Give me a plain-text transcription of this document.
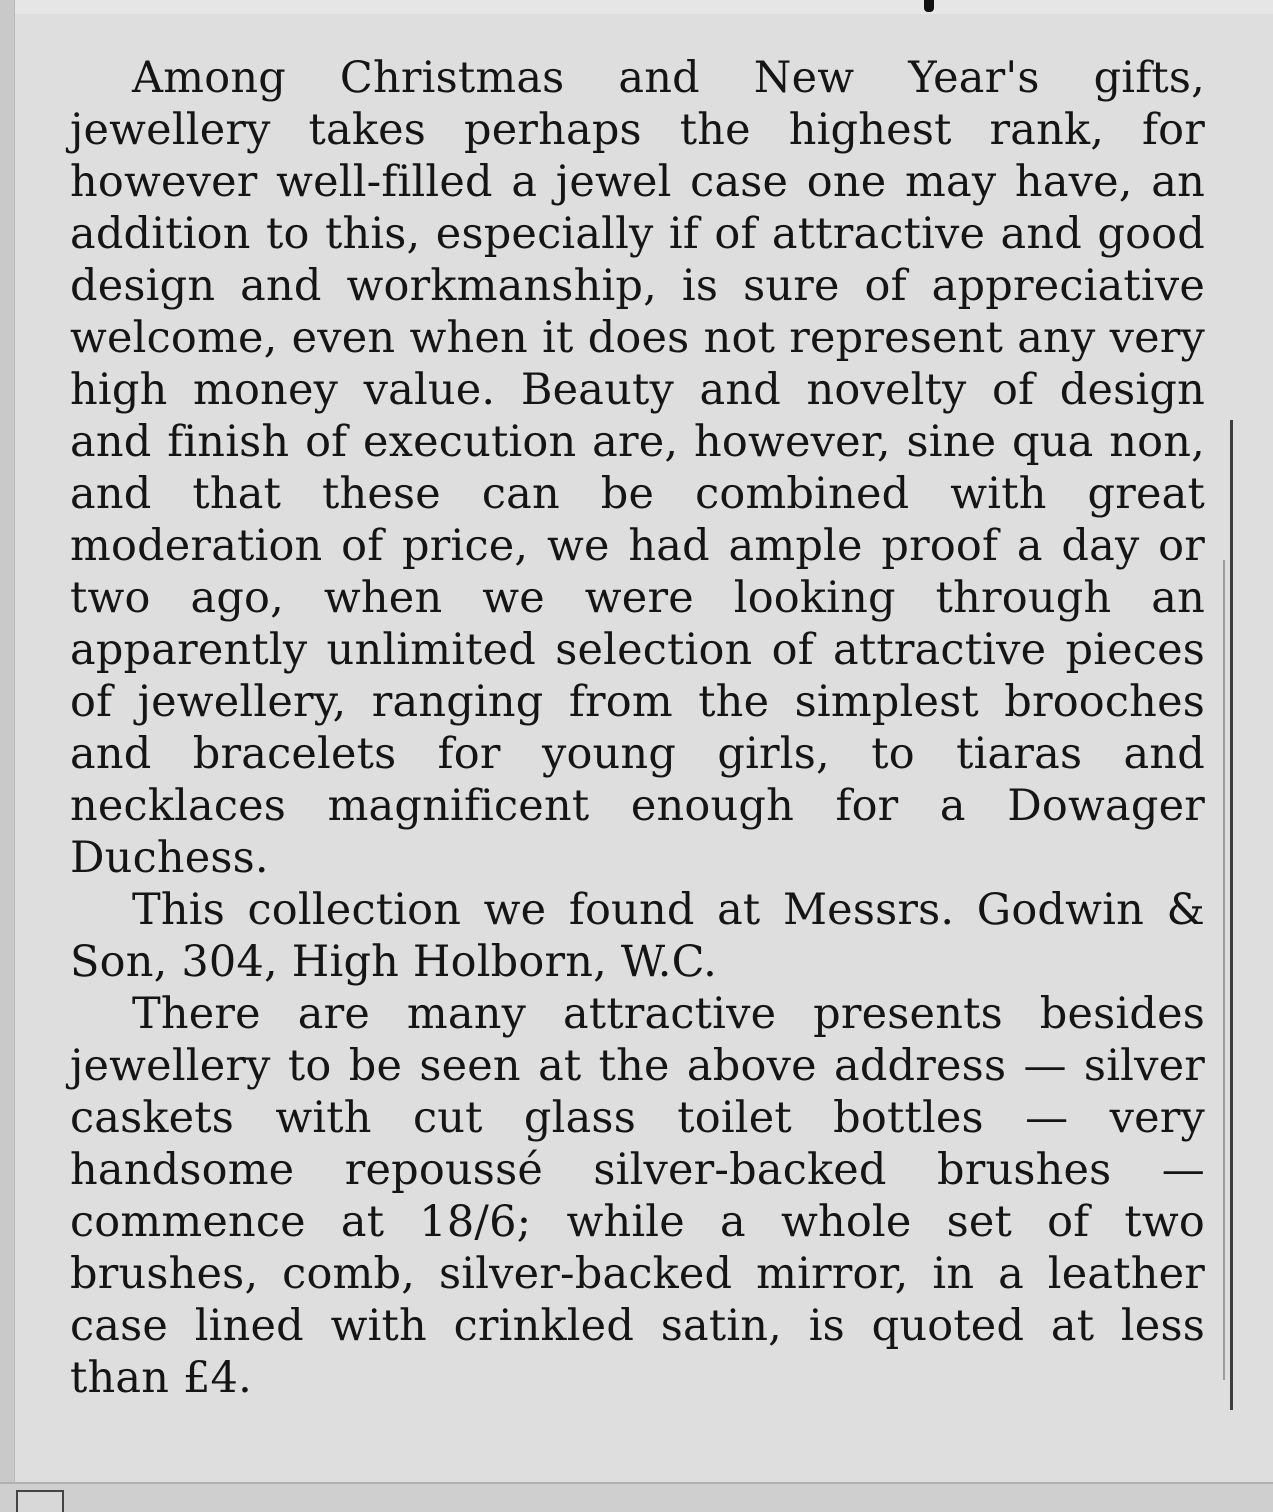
Among Christmas and New Year's gifts, jewellery takes perhaps the highest rank, for however well-filled a jewel case one may have, an addition to this, especially if of attractive and good design and workmanship, is sure of appreciative welcome, even when it does not represent any very high money value. Beauty and novelty of design and finish of execution are, however, sine qua non, and that these can be combined with great moderation of price, we had ample proof a day or two ago, when we were looking through an apparently unlimited selection of attractive pieces of jewellery, ranging from the simplest brooches and bracelets for young girls, to tiaras and necklaces magnificent enough for a Dowager Duchess.

This collection we found at Messrs. Godwin & Son, 304, High Holborn, W.C.

There are many attractive presents besides jewellery to be seen at the above address — silver caskets with cut glass toilet bottles — very handsome repoussé silver-backed brushes — commence at 18/6; while a whole set of two brushes, comb, silver-backed mirror, in a leather case lined with crinkled satin, is quoted at less than £4.
